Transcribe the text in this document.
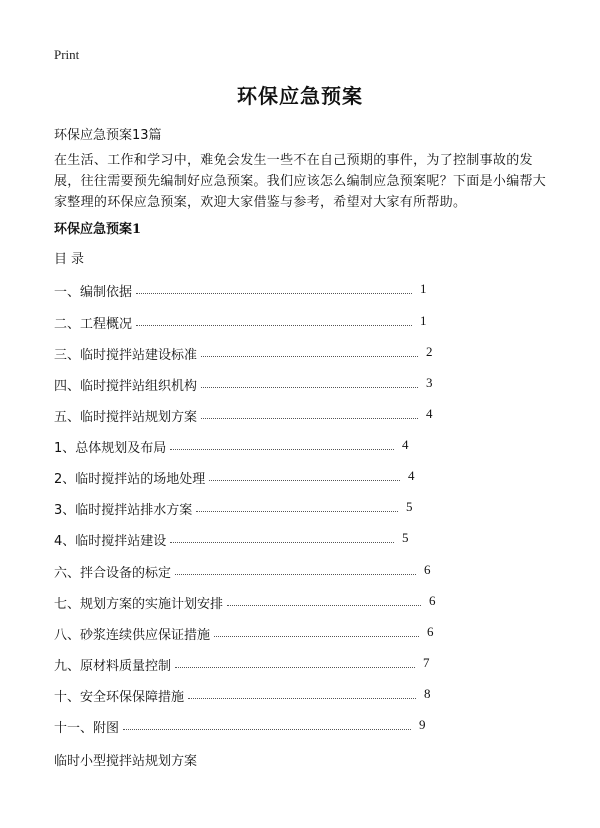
Print
环保应急预案
环保应急预案13篇
在生活、工作和学习中，难免会发生一些不在自己预期的事件，为了控制事故的发展，往往需要预先编制好应急预案。我们应该怎么编制应急预案呢？下面是小编帮大家整理的环保应急预案，欢迎大家借鉴与参考，希望对大家有所帮助。
环保应急预案1
目录
一、编制依据	1
二、工程概况	1
三、临时搅拌站建设标准	2
四、临时搅拌站组织机构	3
五、临时搅拌站规划方案	4
1、总体规划及布局	4
2、临时搅拌站的场地处理	4
3、临时搅拌站排水方案	5
4、临时搅拌站建设	5
六、拌合设备的标定	6
七、规划方案的实施计划安排	6
八、砂浆连续供应保证措施	6
九、原材料质量控制	7
十、安全环保保障措施	8
十一、附图	9
临时小型搅拌站规划方案
